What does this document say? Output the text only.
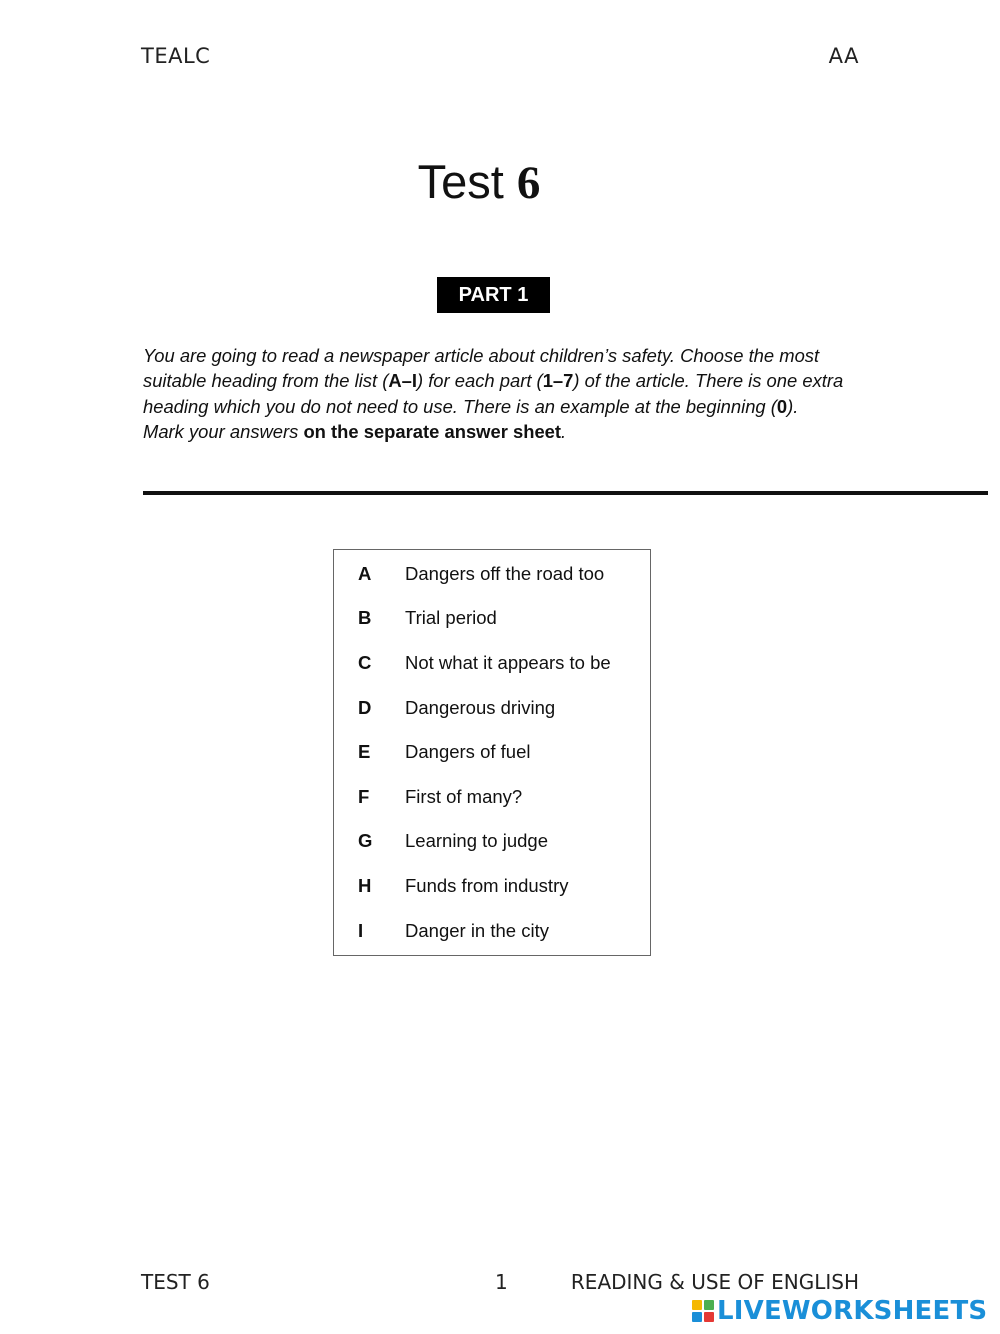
TEALC	AA
Test 6
PART 1

You are going to read a newspaper article about children’s safety. Choose the most suitable heading from the list (A–I) for each part (1–7) of the article. There is one extra heading which you do not need to use. There is an example at the beginning (0).

Mark your answers on the separate answer sheet.

A	Dangers off the road too
B	Trial period
C	Not what it appears to be
D	Dangerous driving
E	Dangers of fuel
F	First of many?
G	Learning to judge
H	Funds from industry
I	Danger in the city
TEST 6	1	READING & USE OF ENGLISH
LIVEWORKSHEETS
